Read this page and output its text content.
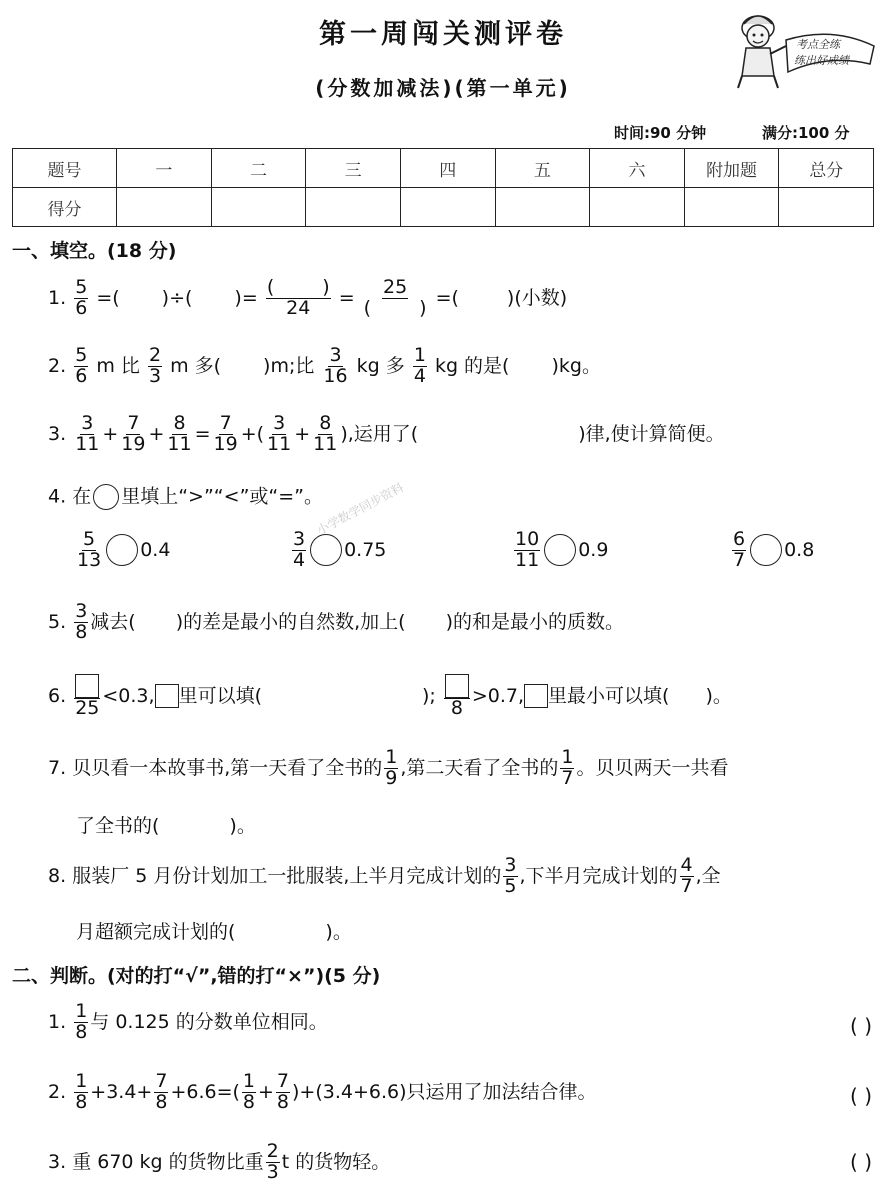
第一周闯关测评卷
(分数加减法)(第一单元)
考点全练
练出好成绩
时间:90 分钟	满分:100 分
题号	一	二	三	四	五	六	附加题	总分
得分								
一、填空。(18 分)
1. $\frac{5}{6}$ =( )÷( )= (	)
24 = 25
(	) =(	)(小数)
2. $\frac{5}{6}$ m 比 $\frac{2}{3}$ m 多( )m;比 $\frac{3}{16}$ kg 多 $\frac{1}{4}$ kg 的是( )kg。
3. $\frac{3}{11} + \frac{7}{19} + \frac{8}{11} = \frac{7}{19}$ +( $\frac{3}{11} + \frac{8}{11}$ ),运用了(	)律,使计算简便。
4. 在 里填上“>”“<”或“=”。
$\frac{5}{13} 0.4$	$\frac{3}{4} 0.75$	$\frac{10}{11} 0.9$	$\frac{6}{7} 0.8$
小学数学同步资料
5. $\frac{3}{8}$ 减去( )的差是最小的自然数,加上( )的和是最小的质数。
6.
25
<0.3, 里可以填(	);
8
>0.7, 里最小可以填( )。
7. 贝贝看一本故事书,第一天看了全书的 $\frac{1}{9}$ ,第二天看了全书的 $\frac{1}{7}$ 。贝贝两天一共看
了全书的(	)。
8. 服装厂 5 月份计划加工一批服装,上半月完成计划的 $\frac{3}{5}$ ,下半月完成计划的 $\frac{4}{7}$ ,全
月超额完成计划的(	)。
二、判断。(对的打“√”,错的打“×”)(5 分)
1. $\frac{1}{8}$ 与 0.125 的分数单位相同。	( )
2. $\frac{1}{8} +3.4+ \frac{7}{8} +6.6=( \frac{1}{8} + \frac{7}{8} )+(3.4+6.6)$只运用了加法结合律。	( )
3. 重 670 kg 的货物比重 $\frac{2}{3}$ t 的货物轻。	( )
